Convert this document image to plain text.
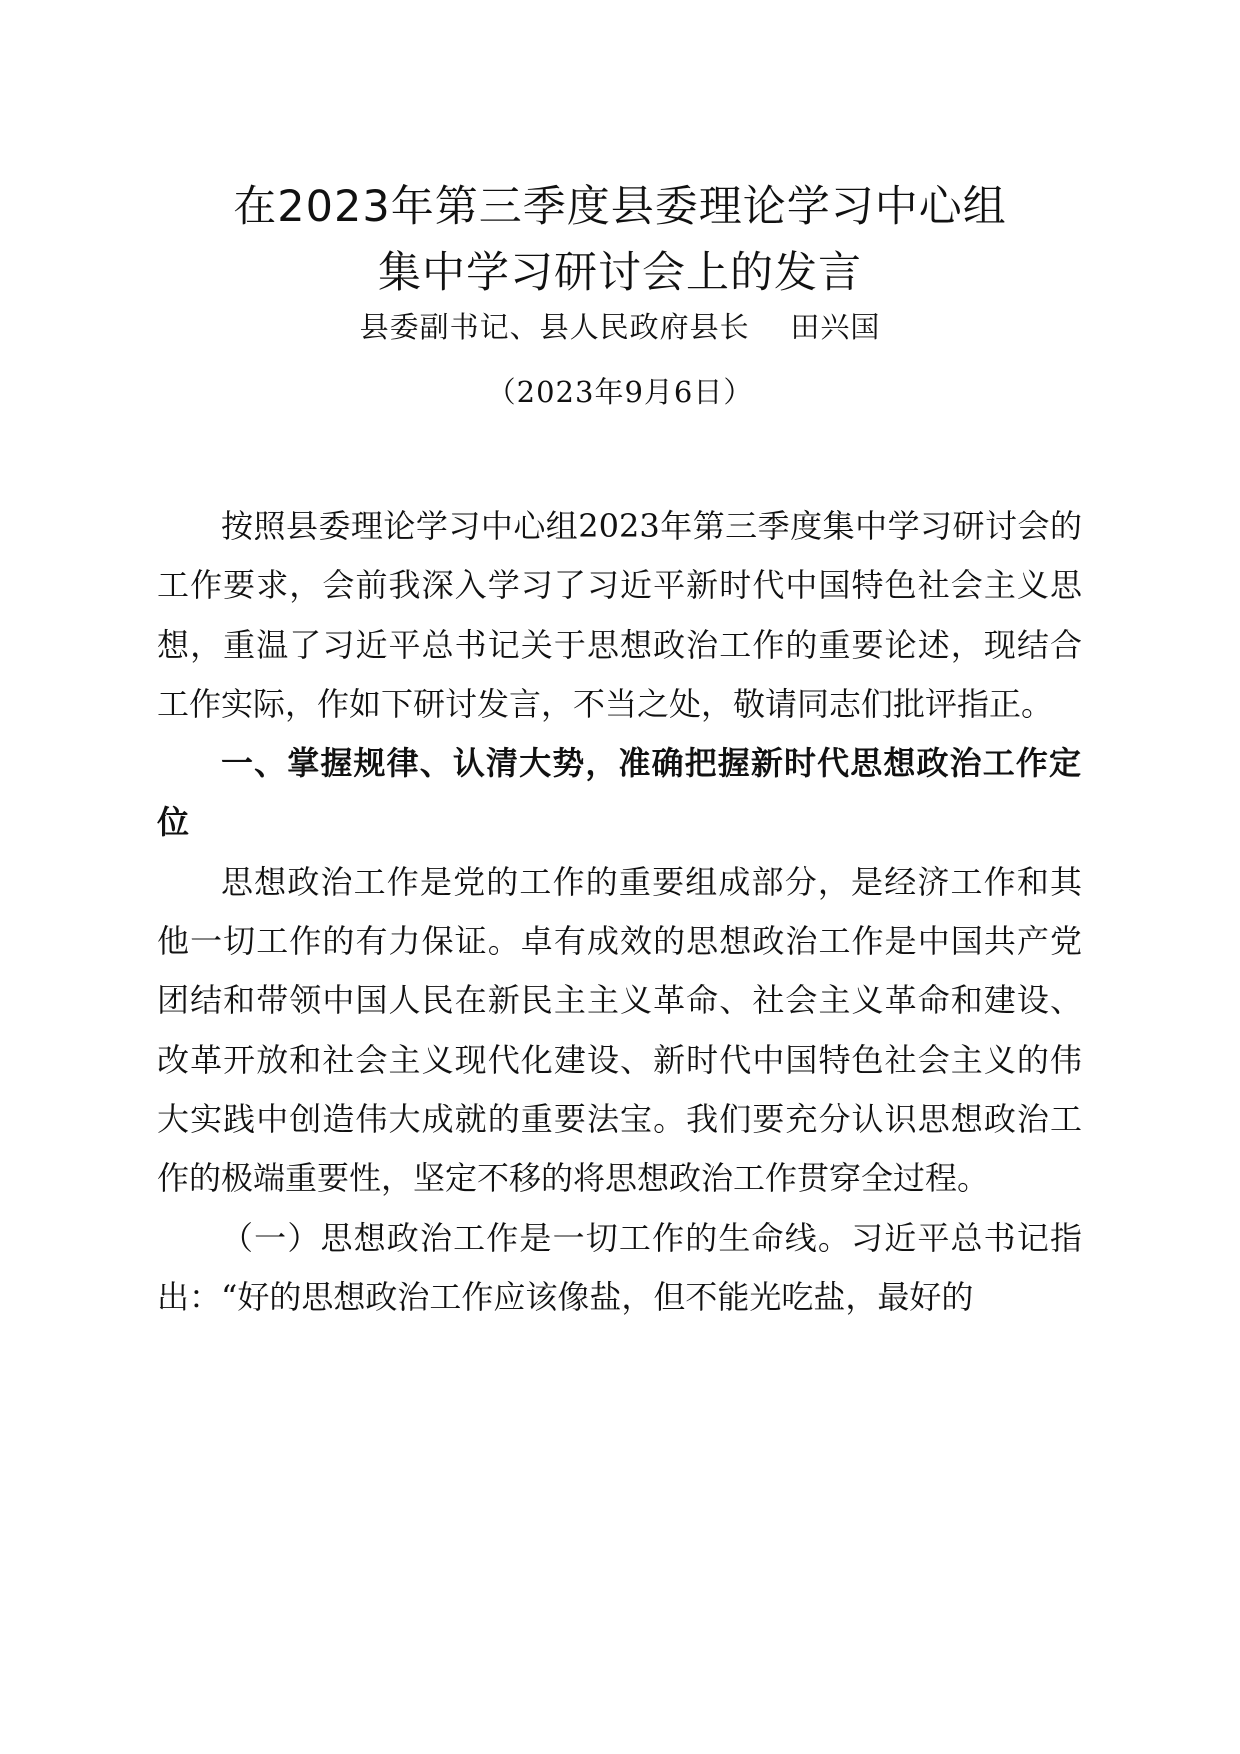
在2023年第三季度县委理论学习中心组
集中学习研讨会上的发言
县委副书记、县人民政府县长    田兴国
（2023年9月6日）

按照县委理论学习中心组2023年第三季度集中学习研讨会的工作要求，会前我深入学习了习近平新时代中国特色社会主义思想，重温了习近平总书记关于思想政治工作的重要论述，现结合工作实际，作如下研讨发言，不当之处，敬请同志们批评指正。

一、掌握规律、认清大势，准确把握新时代思想政治工作定位

思想政治工作是党的工作的重要组成部分，是经济工作和其他一切工作的有力保证。卓有成效的思想政治工作是中国共产党团结和带领中国人民在新民主主义革命、社会主义革命和建设、改革开放和社会主义现代化建设、新时代中国特色社会主义的伟大实践中创造伟大成就的重要法宝。我们要充分认识思想政治工作的极端重要性，坚定不移的将思想政治工作贯穿全过程。

（一）思想政治工作是一切工作的生命线。习近平总书记指出：“好的思想政治工作应该像盐，但不能光吃盐，最好的
